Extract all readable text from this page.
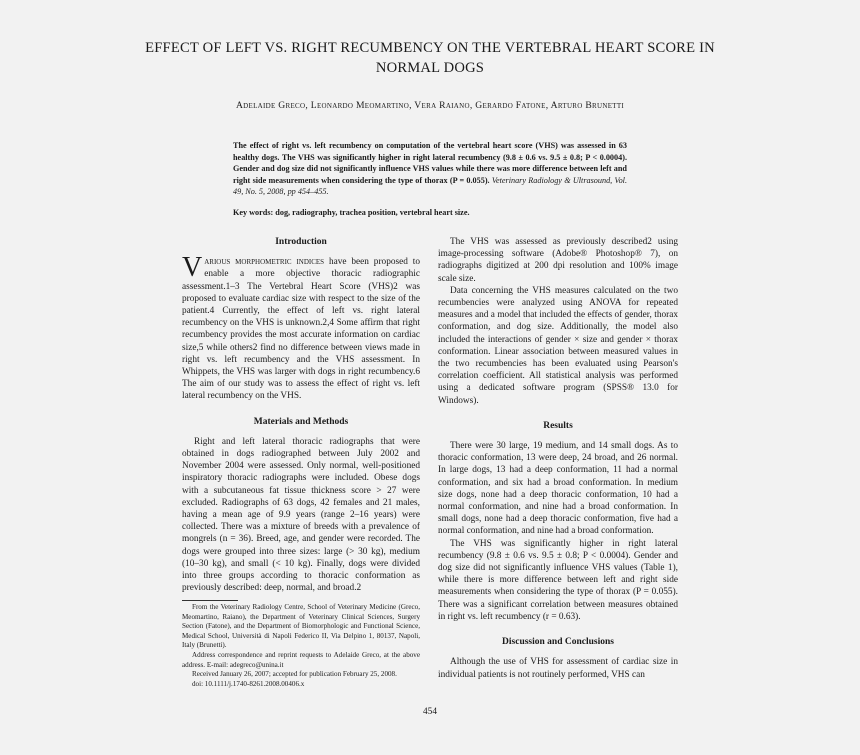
EFFECT OF LEFT VS. RIGHT RECUMBENCY ON THE VERTEBRAL HEART SCORE IN NORMAL DOGS
Adelaide Greco, Leonardo Meomartino, Vera Raiano, Gerardo Fatone, Arturo Brunetti
The effect of right vs. left recumbency on computation of the vertebral heart score (VHS) was assessed in 63 healthy dogs. The VHS was significantly higher in right lateral recumbency (9.8 ± 0.6 vs. 9.5 ± 0.8; P < 0.0004). Gender and dog size did not significantly influence VHS values while there was more difference between left and right side measurements when considering the type of thorax (P = 0.055). Veterinary Radiology & Ultrasound, Vol. 49, No. 5, 2008, pp 454–455.
Key words: dog, radiography, trachea position, vertebral heart size.
Introduction

Various morphometric indices have been proposed to enable a more objective thoracic radiographic assessment.1–3 The Vertebral Heart Score (VHS)2 was proposed to evaluate cardiac size with respect to the size of the patient.4 Currently, the effect of left vs. right lateral recumbency on the VHS is unknown.2,4 Some affirm that right recumbency provides the most accurate information on cardiac size,5 while others2 find no difference between views made in right vs. left recumbency and the VHS assessment. In Whippets, the VHS was larger with dogs in right recumbency.6 The aim of our study was to assess the effect of right vs. left lateral recumbency on the VHS.

Materials and Methods

Right and left lateral thoracic radiographs that were obtained in dogs radiographed between July 2002 and November 2004 were assessed. Only normal, well-positioned inspiratory thoracic radiographs were included. Obese dogs with a subcutaneous fat tissue thickness score > 27 were excluded. Radiographs of 63 dogs, 42 females and 21 males, having a mean age of 9.9 years (range 2–16 years) were collected. There was a mixture of breeds with a prevalence of mongrels (n = 36). Breed, age, and gender were recorded. The dogs were grouped into three sizes: large (> 30 kg), medium (10–30 kg), and small (< 10 kg). Finally, dogs were divided into three groups according to thoracic conformation as previously described: deep, normal, and broad.2

The VHS was assessed as previously described2 using image-processing software (Adobe® Photoshop® 7), on radiographs digitized at 200 dpi resolution and 100% image scale size.

Data concerning the VHS measures calculated on the two recumbencies were analyzed using ANOVA for repeated measures and a model that included the effects of gender, thorax conformation, and dog size. Additionally, the model also included the interactions of gender × size and gender × thorax conformation. Linear association between measured values in the two recumbencies has been evaluated using Pearson's correlation coefficient. All statistical analysis was performed using a dedicated software program (SPSS® 13.0 for Windows).

Results

There were 30 large, 19 medium, and 14 small dogs. As to thoracic conformation, 13 were deep, 24 broad, and 26 normal. In large dogs, 13 had a deep conformation, 11 had a normal conformation, and six had a broad conformation. In medium size dogs, none had a deep thoracic conformation, 10 had a normal conformation, and nine had a broad conformation. In small dogs, none had a deep thoracic conformation, five had a normal conformation, and nine had a broad conformation.

The VHS was significantly higher in right lateral recumbency (9.8 ± 0.6 vs. 9.5 ± 0.8; P < 0.0004). Gender and dog size did not significantly influence VHS values (Table 1), while there is more difference between left and right side measurements when considering the type of thorax (P = 0.055). There was a significant correlation between measures obtained in right vs. left recumbency (r = 0.63).

Discussion and Conclusions

Although the use of VHS for assessment of cardiac size in individual patients is not routinely performed, VHS can

From the Veterinary Radiology Centre, School of Veterinary Medicine (Greco, Meomartino, Raiano), the Department of Veterinary Clinical Sciences, Surgery Section (Fatone), and the Department of Biomorphologic and Functional Science, Medical School, Università di Napoli Federico II, Via Delpino 1, 80137, Napoli, Italy (Brunetti).

Address correspondence and reprint requests to Adelaide Greco, at the above address. E-mail: adegreco@unina.it

Received January 26, 2007; accepted for publication February 25, 2008.

doi: 10.1111/j.1740-8261.2008.00406.x

454
